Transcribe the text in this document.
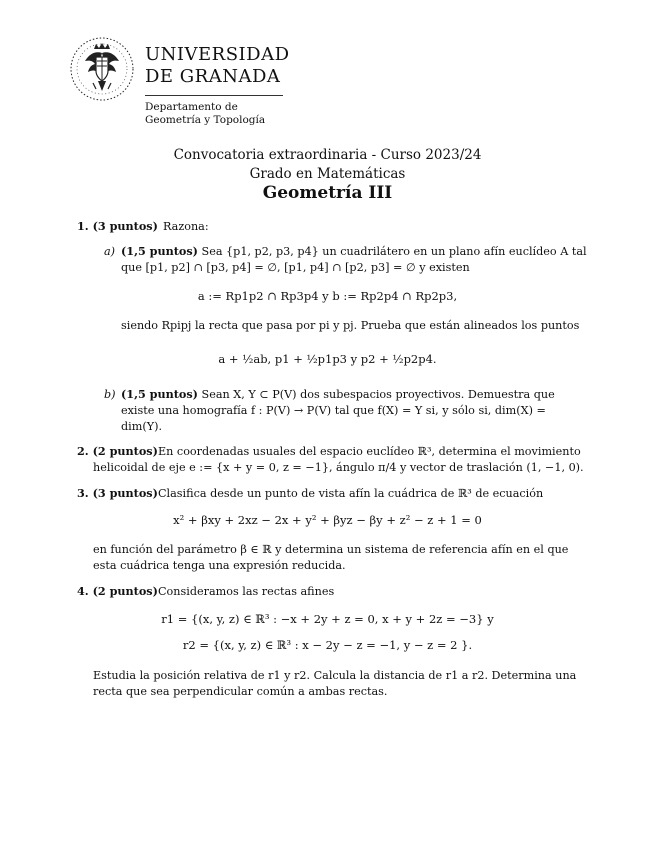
UNIVERSIDAD
DE GRANADA
Departamento de
Geometría y Topología
Convocatoria extraordinaria - Curso 2023/24
Grado en Matemáticas
Geometría III
1. (3 puntos) Razona:
a) (1,5 puntos) Sea {p1, p2, p3, p4} un cuadrilátero en un plano afín euclídeo A tal
que [p1, p2] ∩ [p3, p4] = ∅, [p1, p4] ∩ [p2, p3] = ∅ y existen
a := Rp1p2 ∩ Rp3p4 y b := Rp2p4 ∩ Rp2p3,
siendo Rpipj la recta que pasa por pi y pj. Prueba que están alineados los puntos
a + ½ab, p1 + ½p1p3 y p2 + ½p2p4.
b) (1,5 puntos) Sean X, Y ⊂ P(V) dos subespacios proyectivos. Demuestra que
existe una homografía f : P(V) → P(V) tal que f(X) = Y si, y sólo si, dim(X) =
dim(Y).
2. (2 puntos) En coordenadas usuales del espacio euclídeo ℝ³, determina el movimiento
helicoidal de eje e := {x + y = 0, z = −1}, ángulo π/4 y vector de traslación (1, −1, 0).
3. (3 puntos) Clasifica desde un punto de vista afín la cuádrica de ℝ³ de ecuación
x² + βxy + 2xz − 2x + y² + βyz − βy + z² − z + 1 = 0
en función del parámetro β ∈ ℝ y determina un sistema de referencia afín en el que
esta cuádrica tenga una expresión reducida.
4. (2 puntos) Consideramos las rectas afines
r1 = {(x, y, z) ∈ ℝ³ : −x + 2y + z = 0, x + y + 2z = −3} y
r2 = {(x, y, z) ∈ ℝ³ : x − 2y − z = −1, y − z = 2 }.
Estudia la posición relativa de r1 y r2. Calcula la distancia de r1 a r2. Determina una
recta que sea perpendicular común a ambas rectas.
